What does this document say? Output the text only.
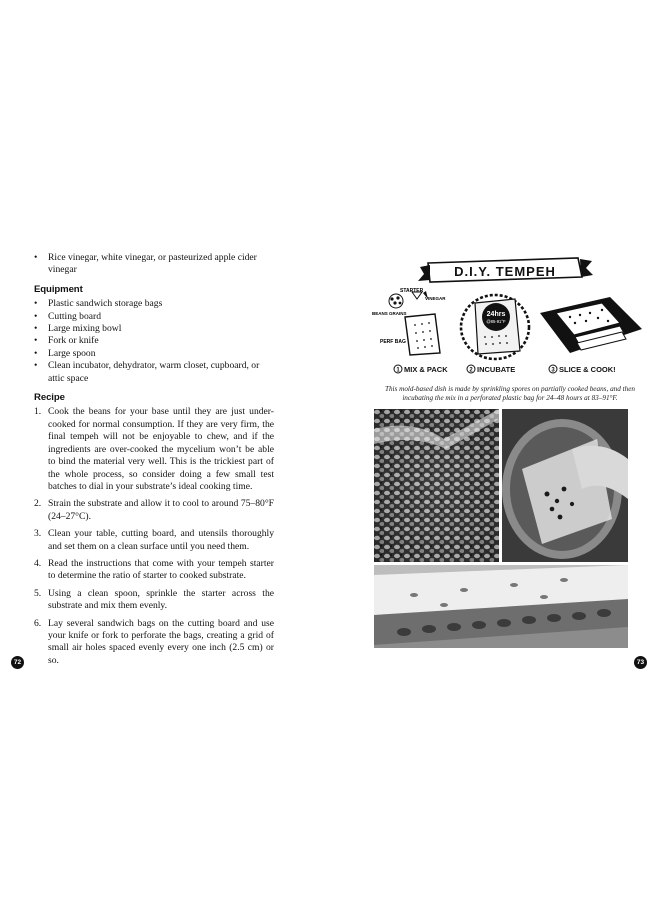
• Rice vinegar, white vinegar, or pasteurized apple cider vinegar
Equipment
• Plastic sandwich storage bags
• Cutting board
• Large mixing bowl
• Fork or knife
• Large spoon
• Clean incubator, dehydrator, warm closet, cupboard, or attic space
Recipe
1. Cook the beans for your base until they are just under-cooked for normal consumption. If they are very firm, the final tempeh will not be enjoyable to chew, and if the ingredients are over-cooked the mycelium won’t be able to bind the material very well. This is the trickiest part of the whole process, so consider doing a few small test batches to dial in your substrate’s ideal cooking time.
2. Strain the substrate and allow it to cool to around 75–80°F (24–27°C).
3. Clean your table, cutting board, and utensils thoroughly and set them on a clean surface until you need them.
4. Read the instructions that come with your tempeh starter to determine the ratio of starter to cooked substrate.
5. Using a clean spoon, sprinkle the starter across the substrate and mix them evenly.
6. Lay several sandwich bags on the cutting board and use your knife or fork to perforate the bags, creating a grid of small air holes spaced evenly every one inch (2.5 cm) or so.
72
D.I.Y. TEMPEH
STARTER
VINEGAR
BEANS GRAINS
PERF BAG
24hrs
@85-91°F
1 MIX & PACK	2 INCUBATE	3 SLICE & COOK!
This mold-based dish is made by sprinkling spores on partially cooked beans, and then incubating the mix in a perforated plastic bag for 24–48 hours at 83–91°F.
73
